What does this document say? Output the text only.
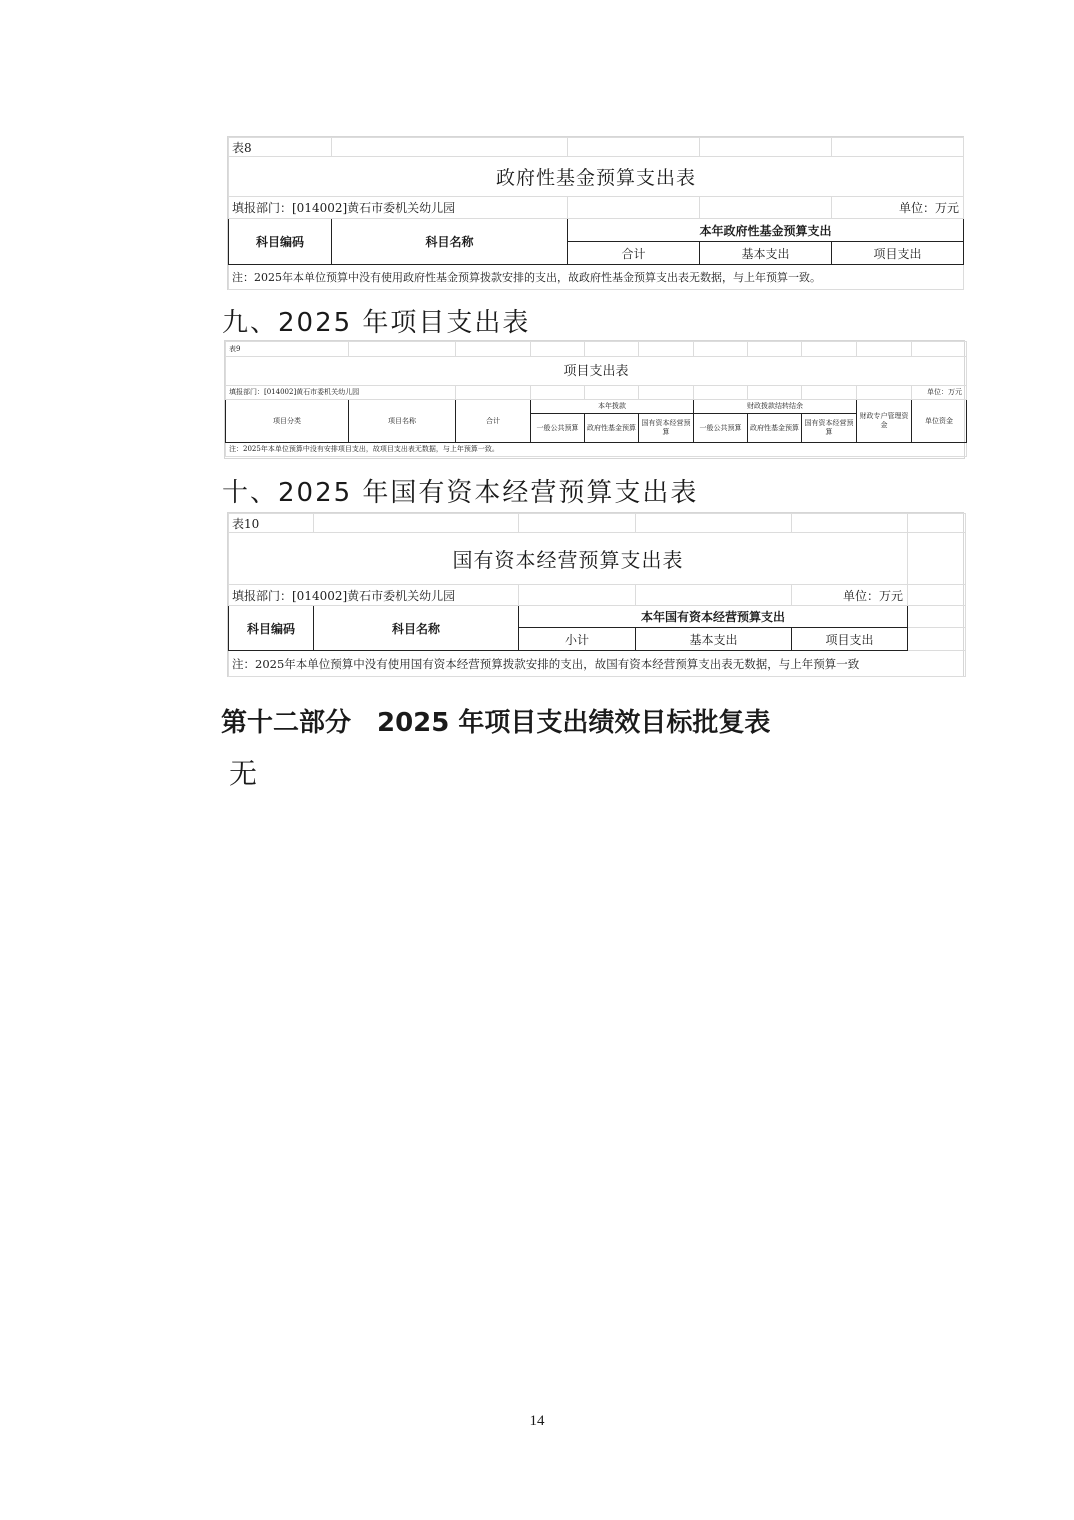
表8				
政府性基金预算支出表				
填报部门：[014002]黄石市委机关幼儿园				单位：万元
科目编码	科目名称	本年政府性基金预算支出		
		合计	基本支出	项目支出
注：2025年本单位预算中没有使用政府性基金预算拨款安排的支出，故政府性基金预算支出表无数据，与上年预算一致。				
九、2025 年项目支出表
表9										
项目支出表										
填报部门：[014002]黄石市委机关幼儿园										单位：万元
项目分类	项目名称	合计	本年拨款			财政拨款结转结余			财政专户管理资金	单位资金
			一般公共预算	政府性基金预算	国有资本经营预算	一般公共预算	政府性基金预算	国有资本经营预算		
注：2025年本单位预算中没有安排项目支出，故项目支出表无数据，与上年预算一致。										
十、2025 年国有资本经营预算支出表
表10					
国有资本经营预算支出表					
填报部门：[014002]黄石市委机关幼儿园				单位：万元	
科目编码	科目名称	本年国有资本经营预算支出			
		小计	基本支出	项目支出	
注：2025年本单位预算中没有使用国有资本经营预算拨款安排的支出，故国有资本经营预算支出表无数据，与上年预算一致					
第十二部分　2025 年项目支出绩效目标批复表
无
14
